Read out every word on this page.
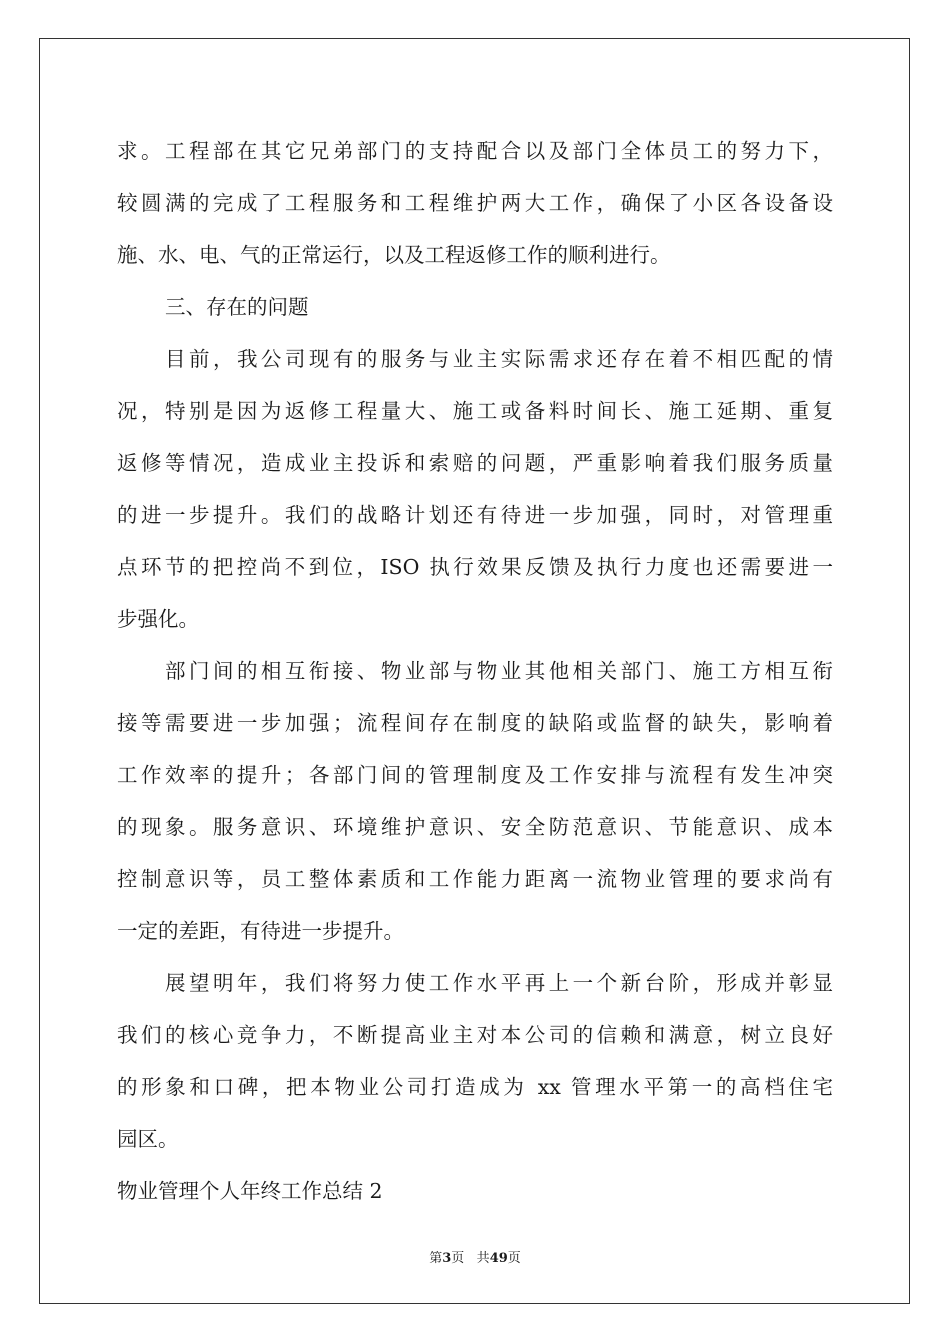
求。工程部在其它兄弟部门的支持配合以及部门全体员工的努力下，
较圆满的完成了工程服务和工程维护两大工作，确保了小区各设备设
施、水、电、气的正常运行，以及工程返修工作的顺利进行。
三、存在的问题
目前，我公司现有的服务与业主实际需求还存在着不相匹配的情
况，特别是因为返修工程量大、施工或备料时间长、施工延期、重复
返修等情况，造成业主投诉和索赔的问题，严重影响着我们服务质量
的进一步提升。我们的战略计划还有待进一步加强，同时，对管理重
点环节的把控尚不到位，ISO 执行效果反馈及执行力度也还需要进一
步强化。
部门间的相互衔接、物业部与物业其他相关部门、施工方相互衔
接等需要进一步加强；流程间存在制度的缺陷或监督的缺失，影响着
工作效率的提升；各部门间的管理制度及工作安排与流程有发生冲突
的现象。服务意识、环境维护意识、安全防范意识、节能意识、成本
控制意识等，员工整体素质和工作能力距离一流物业管理的要求尚有
一定的差距，有待进一步提升。
展望明年，我们将努力使工作水平再上一个新台阶，形成并彰显
我们的核心竞争力，不断提高业主对本公司的信赖和满意，树立良好
的形象和口碑，把本物业公司打造成为 xx 管理水平第一的高档住宅
园区。
物业管理个人年终工作总结 2
第3页 共49页
